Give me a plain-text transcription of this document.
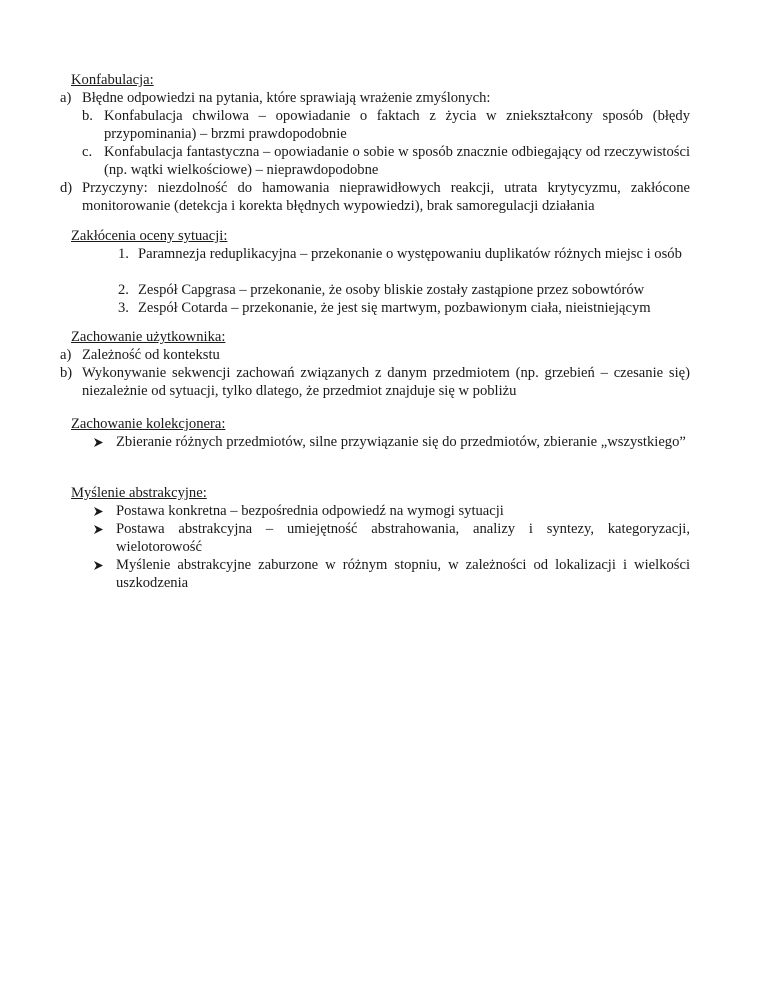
Konfabulacja:
a) Błędne odpowiedzi na pytania, które sprawiają wrażenie zmyślonych:
b. Konfabulacja chwilowa – opowiadanie o faktach z życia w zniekształcony sposób (błędy przypominania) – brzmi prawdopodobnie
c. Konfabulacja fantastyczna – opowiadanie o sobie w sposób znacznie odbiegający od rzeczywistości (np. wątki wielkościowe) – nieprawdopodobne
d) Przyczyny: niezdolność do hamowania nieprawidłowych reakcji, utrata krytycyzmu, zakłócone monitorowanie (detekcja i korekta błędnych wypowiedzi), brak samoregulacji działania
Zakłócenia oceny sytuacji:
1. Paramnezja reduplikacyjna – przekonanie o występowaniu duplikatów różnych miejsc i osób
2. Zespół Capgrasa – przekonanie, że osoby bliskie zostały zastąpione przez sobowtórów
3. Zespół Cotarda – przekonanie, że jest się martwym, pozbawionym ciała, nieistniejącym
Zachowanie użytkownika:
a) Zależność od kontekstu
b) Wykonywanie sekwencji zachowań związanych z danym przedmiotem (np. grzebień – czesanie się) niezależnie od sytuacji, tylko dlatego, że przedmiot znajduje się w pobliżu
Zachowanie kolekcjonera:
Zbieranie różnych przedmiotów, silne przywiązanie się do przedmiotów, zbieranie „wszystkiego”
Myślenie abstrakcyjne:
Postawa konkretna – bezpośrednia odpowiedź na wymogi sytuacji
Postawa abstrakcyjna – umiejętność abstrahowania, analizy i syntezy, kategoryzacji, wielotorowość
Myślenie abstrakcyjne zaburzone w różnym stopniu, w zależności od lokalizacji i wielkości uszkodzenia
